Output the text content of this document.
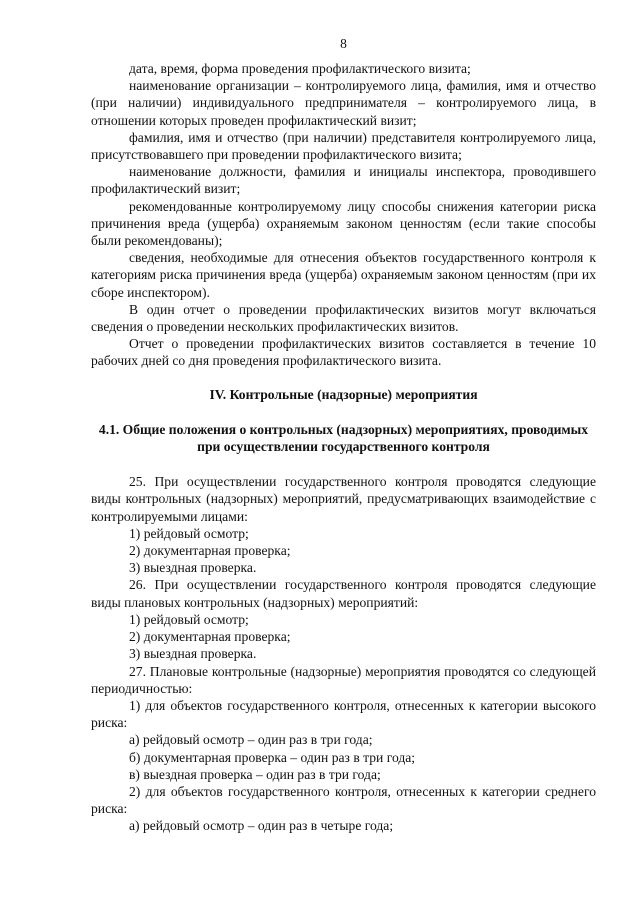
8

дата, время, форма проведения профилактического визита;

наименование организации – контролируемого лица, фамилия, имя и отчество (при наличии) индивидуального предпринимателя – контролируемого лица, в отношении которых проведен профилактический визит;

фамилия, имя и отчество (при наличии) представителя контролируемого лица, присутствовавшего при проведении профилактического визита;

наименование должности, фамилия и инициалы инспектора, проводившего профилактический визит;

рекомендованные контролируемому лицу способы снижения категории риска причинения вреда (ущерба) охраняемым законом ценностям (если такие способы были рекомендованы);

сведения, необходимые для отнесения объектов государственного контроля к категориям риска причинения вреда (ущерба) охраняемым законом ценностям (при их сборе инспектором).

В один отчет о проведении профилактических визитов могут включаться сведения о проведении нескольких профилактических визитов.

Отчет о проведении профилактических визитов составляется в течение 10 рабочих дней со дня проведения профилактического визита.

IV. Контрольные (надзорные) мероприятия

4.1. Общие положения о контрольных (надзорных) мероприятиях, проводимых при осуществлении государственного контроля

25. При осуществлении государственного контроля проводятся следующие виды контрольных (надзорных) мероприятий, предусматривающих взаимодействие с контролируемыми лицами:

1) рейдовый осмотр;

2) документарная проверка;

3) выездная проверка.

26. При осуществлении государственного контроля проводятся следующие виды плановых контрольных (надзорных) мероприятий:

1) рейдовый осмотр;

2) документарная проверка;

3) выездная проверка.

27. Плановые контрольные (надзорные) мероприятия проводятся со следующей периодичностью:

1) для объектов государственного контроля, отнесенных к категории высокого риска:

а) рейдовый осмотр – один раз в три года;

б) документарная проверка – один раз в три года;

в) выездная проверка – один раз в три года;

2) для объектов государственного контроля, отнесенных к категории среднего риска:

а) рейдовый осмотр – один раз в четыре года;
